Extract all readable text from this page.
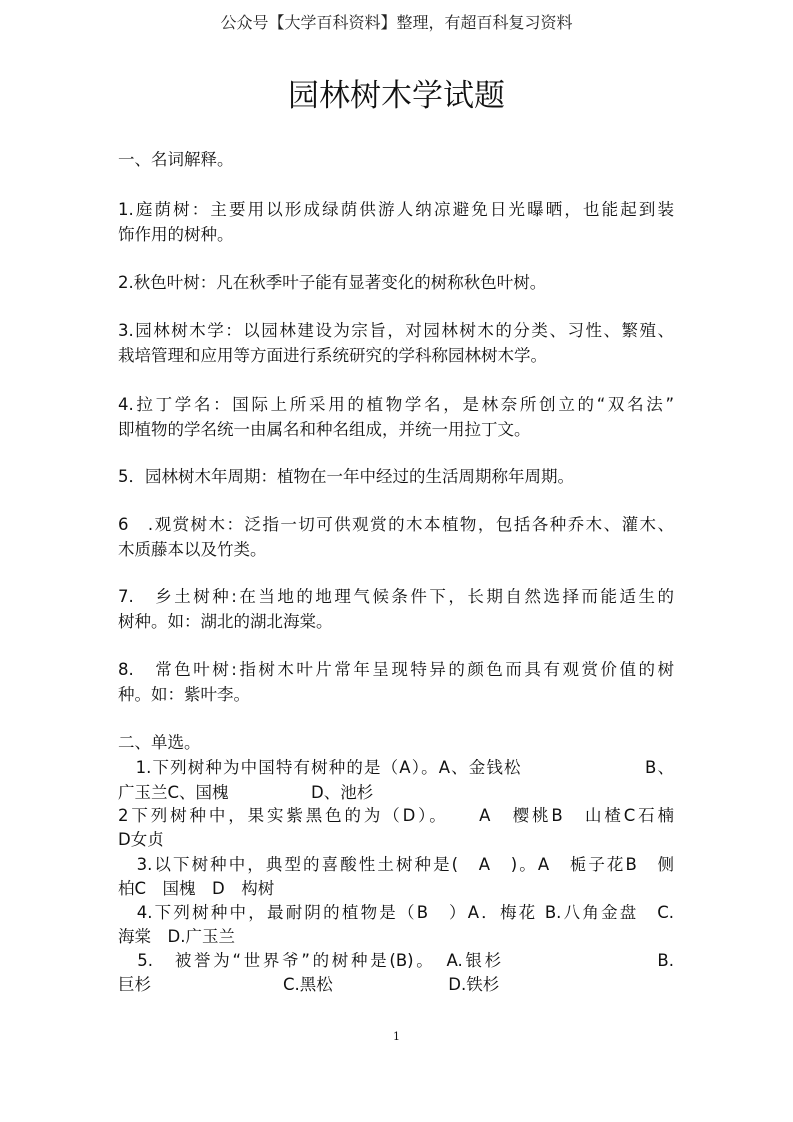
公众号【大学百科资料】整理，有超百科复习资料
园林树木学试题
一、名词解释。
1.庭荫树：主要用以形成绿荫供游人纳凉避免日光曝晒，也能起到装
饰作用的树种。
2.秋色叶树：凡在秋季叶子能有显著变化的树称秋色叶树。
3.园林树木学：以园林建设为宗旨，对园林树木的分类、习性、繁殖、
栽培管理和应用等方面进行系统研究的学科称园林树木学。
4.拉丁学名：国际上所采用的植物学名，是林奈所创立的“双名法”
即植物的学名统一由属名和种名组成，并统一用拉丁文。
5．园林树木年周期：植物在一年中经过的生活周期称年周期。
6　.观赏树木：泛指一切可供观赏的木本植物，包括各种乔木、灌木、
木质藤本以及竹类。
7.　乡土树种:在当地的地理气候条件下，长期自然选择而能适生的
树种。如：湖北的湖北海棠。
8.　常色叶树:指树木叶片常年呈现特异的颜色而具有观赏价值的树
种。如：紫叶李。
二、单选。
　1.下列树种为中国特有树种的是（A）。A、金钱松　　　　　　　B、
广玉兰C、国槐　　　　　D、池杉
2下列树种中，果实紫黑色的为（D）。　　A　樱桃B　山楂C石楠
D女贞
　3.以下树种中，典型的喜酸性土树种是(　A　)。A　栀子花B　侧
柏C　国槐　D　构树
　4.下列树种中，最耐阴的植物是（B　）A．梅花 B.八角金盘　C.
海棠　D.广玉兰
　5.　被誉为“世界爷”的树种是(B)。　A.银杉　　　　　　　　B.
巨杉　　　　　　　　C.黑松　　　　　　　D.铁杉
1
